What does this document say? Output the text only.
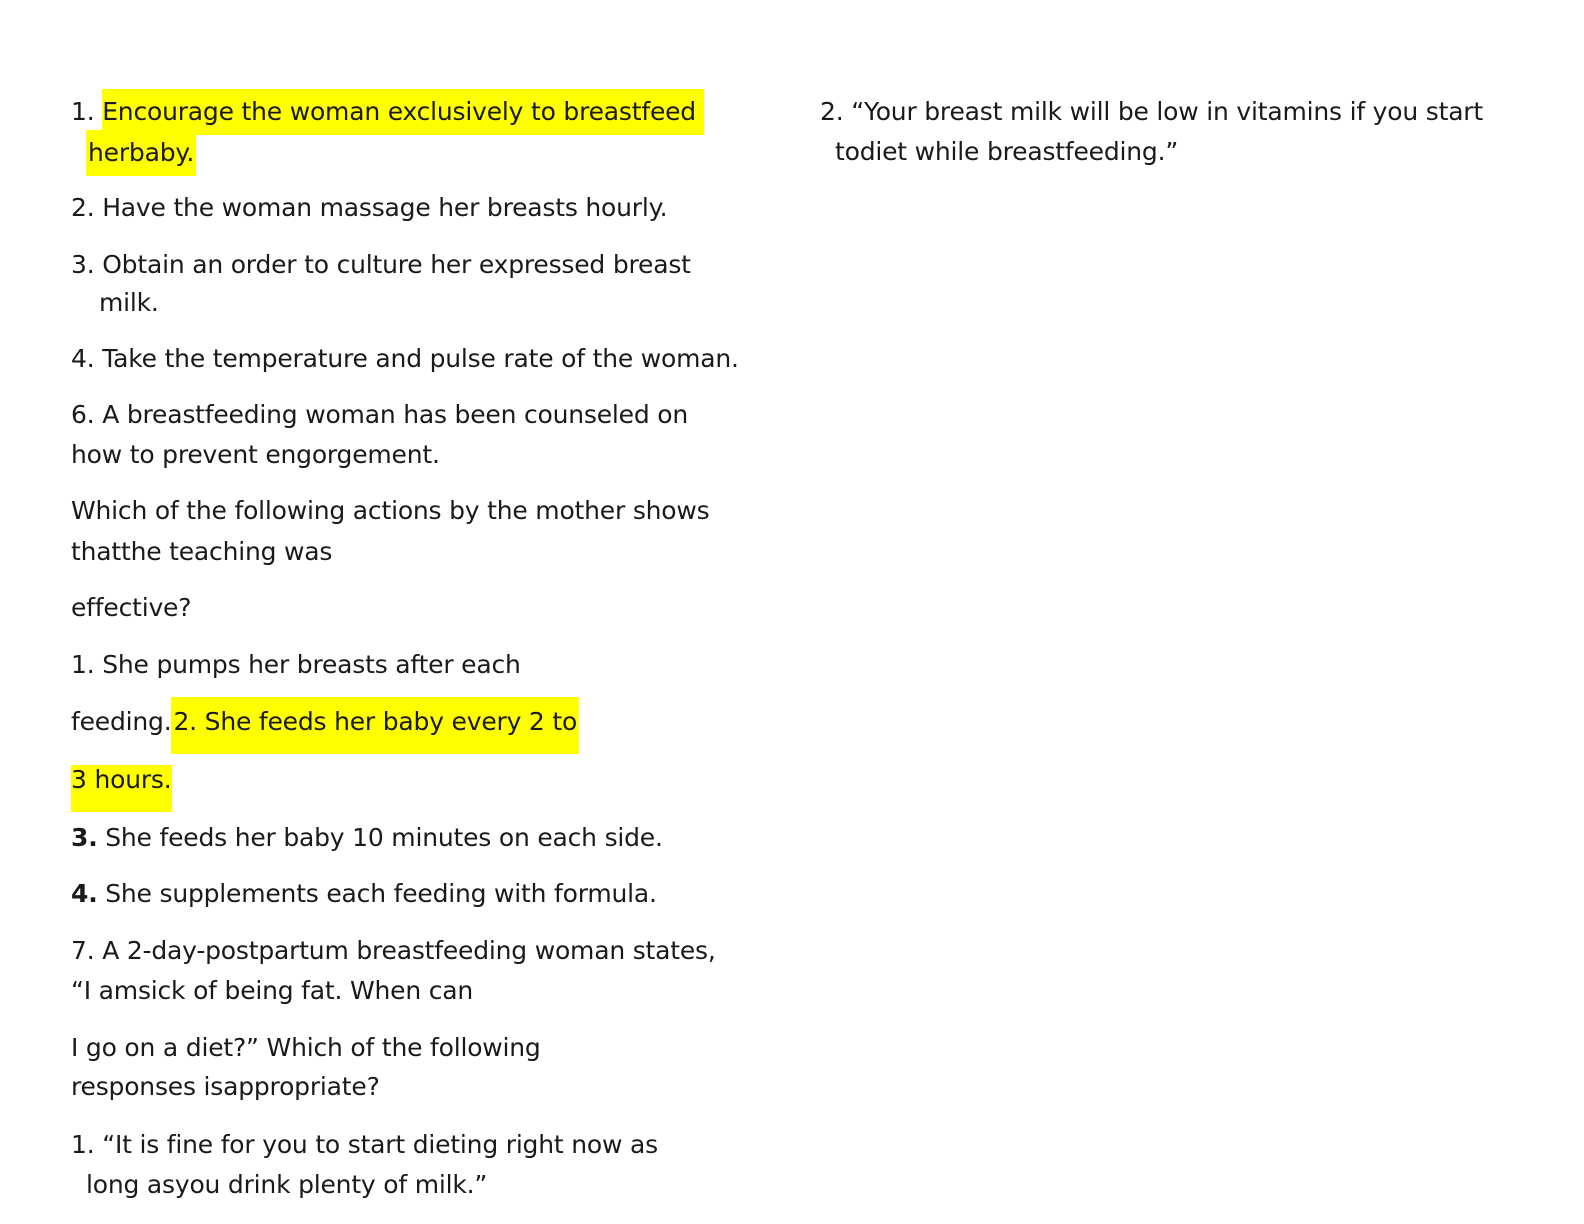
1. Encourage the woman exclusively to breastfeed
herbaby.
2. Have the woman massage her breasts hourly.
3. Obtain an order to culture her expressed breast
milk.
4. Take the temperature and pulse rate of the woman.
6. A breastfeeding woman has been counseled on
how to prevent engorgement.
Which of the following actions by the mother shows
thatthe teaching was
effective?
1. She pumps her breasts after each
feeding.2. She feeds her baby every 2 to
3 hours.
3. She feeds her baby 10 minutes on each side.
4. She supplements each feeding with formula.
7. A 2-day-postpartum breastfeeding woman states,
“I amsick of being fat. When can
I go on a diet?” Which of the following
responses isappropriate?
1. “It is fine for you to start dieting right now as
long asyou drink plenty of milk.”
2. “Your breast milk will be low in vitamins if you start
todiet while breastfeeding.”
